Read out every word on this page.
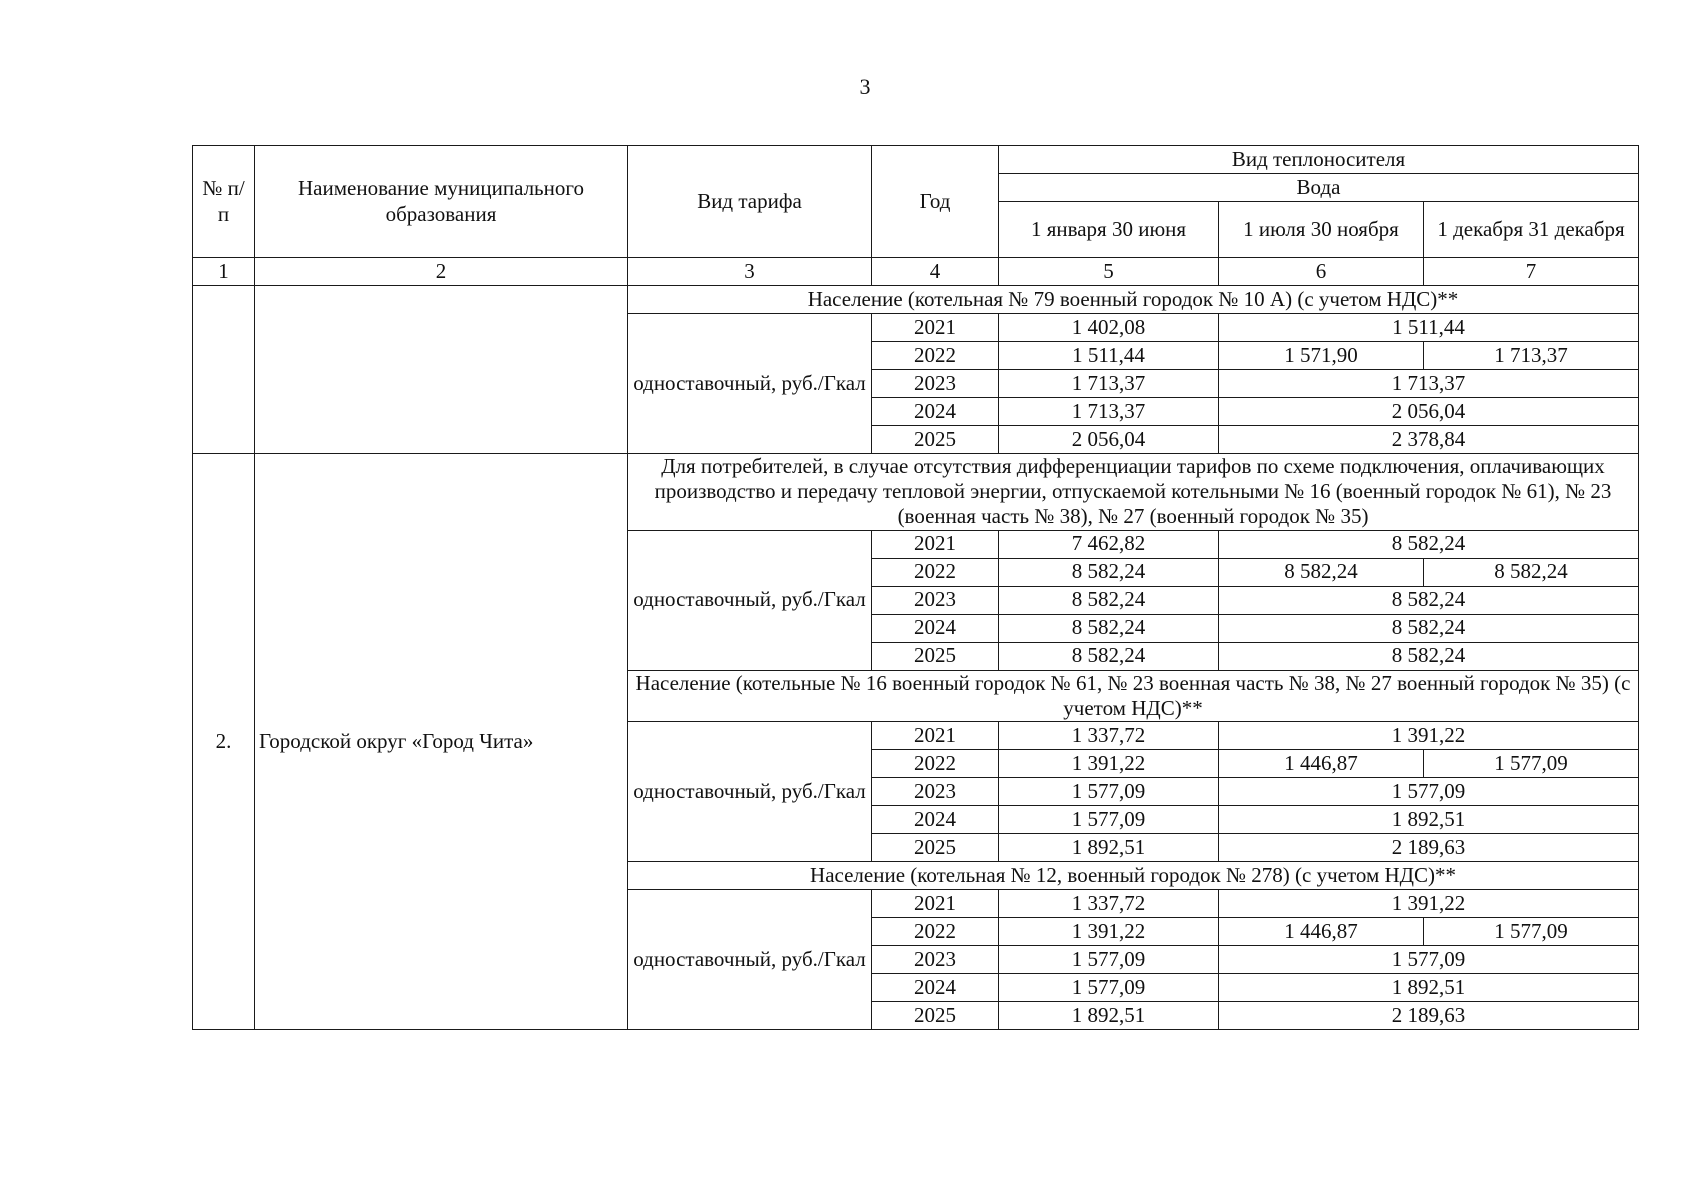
3
№ п/п	Наименование муниципального образования	Вид тарифа	Год	Вид теплоносителя		
				Вода		
				1 января 30 июня	1 июля 30 ноября	1 декабря 31 декабря
1	2	3	4	5	6	7
		Население (котельная № 79 военный городок № 10 А) (с учетом НДС)**				
		одноставочный, руб./Гкал	2021	1 402,08	1 511,44	
			2022	1 511,44	1 571,90	1 713,37
			2023	1 713,37	1 713,37	
			2024	1 713,37	2 056,04	
			2025	2 056,04	2 378,84	
2.	Городской округ «Город Чита»	Для потребителей, в случае отсутствия дифференциации тарифов по схеме подключения, оплачивающих производство и передачу тепловой энергии, отпускаемой котельными № 16 (военный городок № 61), № 23 (военная часть № 38), № 27 (военный городок № 35)				
		одноставочный, руб./Гкал	2021	7 462,82	8 582,24	
			2022	8 582,24	8 582,24	8 582,24
			2023	8 582,24	8 582,24	
			2024	8 582,24	8 582,24	
			2025	8 582,24	8 582,24	
		Население (котельные № 16 военный городок № 61, № 23 военная часть № 38, № 27 военный городок № 35) (с учетом НДС)**				
		одноставочный, руб./Гкал	2021	1 337,72	1 391,22	
			2022	1 391,22	1 446,87	1 577,09
			2023	1 577,09	1 577,09	
			2024	1 577,09	1 892,51	
			2025	1 892,51	2 189,63	
		Население (котельная № 12, военный городок № 278) (с учетом НДС)**				
		одноставочный, руб./Гкал	2021	1 337,72	1 391,22	
			2022	1 391,22	1 446,87	1 577,09
			2023	1 577,09	1 577,09	
			2024	1 577,09	1 892,51	
			2025	1 892,51	2 189,63	
